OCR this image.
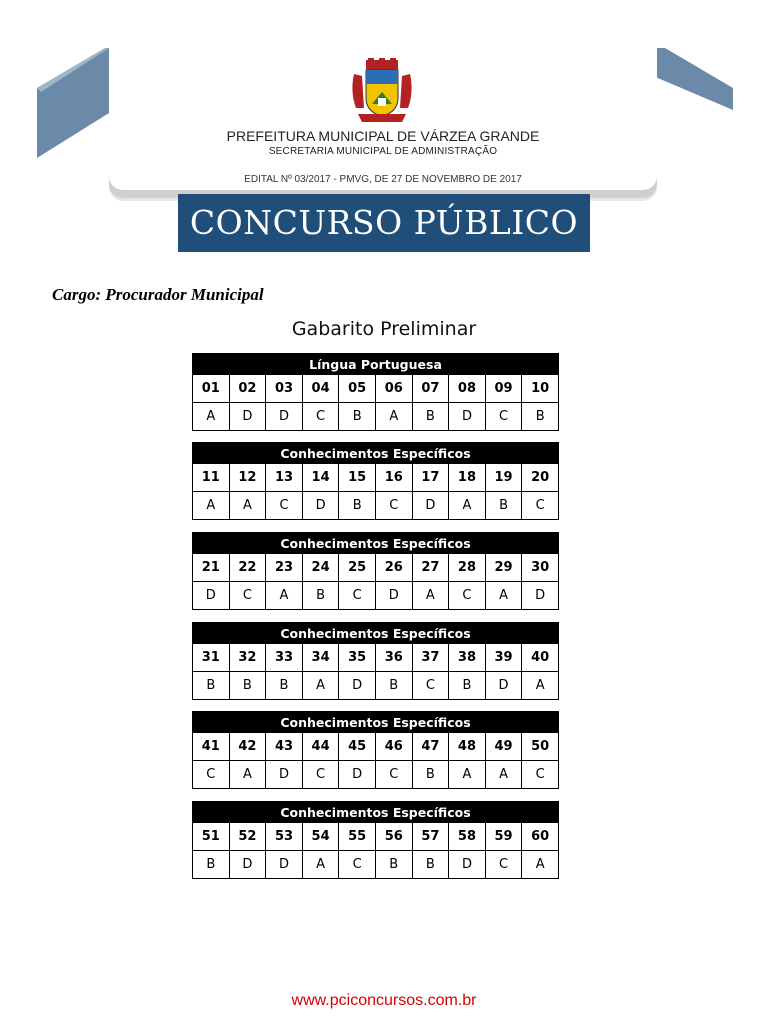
PREFEITURA MUNICIPAL DE VÁRZEA GRANDE
SECRETARIA MUNICIPAL DE ADMINISTRAÇÃO
EDITAL Nº 03/2017 - PMVG, DE 27 DE NOVEMBRO DE 2017
CONCURSO PÚBLICO
Cargo: Procurador Municipal
Gabarito Preliminar
Língua Portuguesa									
01	02	03	04	05	06	07	08	09	10
A	D	D	C	B	A	B	D	C	B
Conhecimentos Específicos									
11	12	13	14	15	16	17	18	19	20
A	A	C	D	B	C	D	A	B	C
Conhecimentos Específicos									
21	22	23	24	25	26	27	28	29	30
D	C	A	B	C	D	A	C	A	D
Conhecimentos Específicos									
31	32	33	34	35	36	37	38	39	40
B	B	B	A	D	B	C	B	D	A
Conhecimentos Específicos									
41	42	43	44	45	46	47	48	49	50
C	A	D	C	D	C	B	A	A	C
Conhecimentos Específicos									
51	52	53	54	55	56	57	58	59	60
B	D	D	A	C	B	B	D	C	A
www.pciconcursos.com.br
